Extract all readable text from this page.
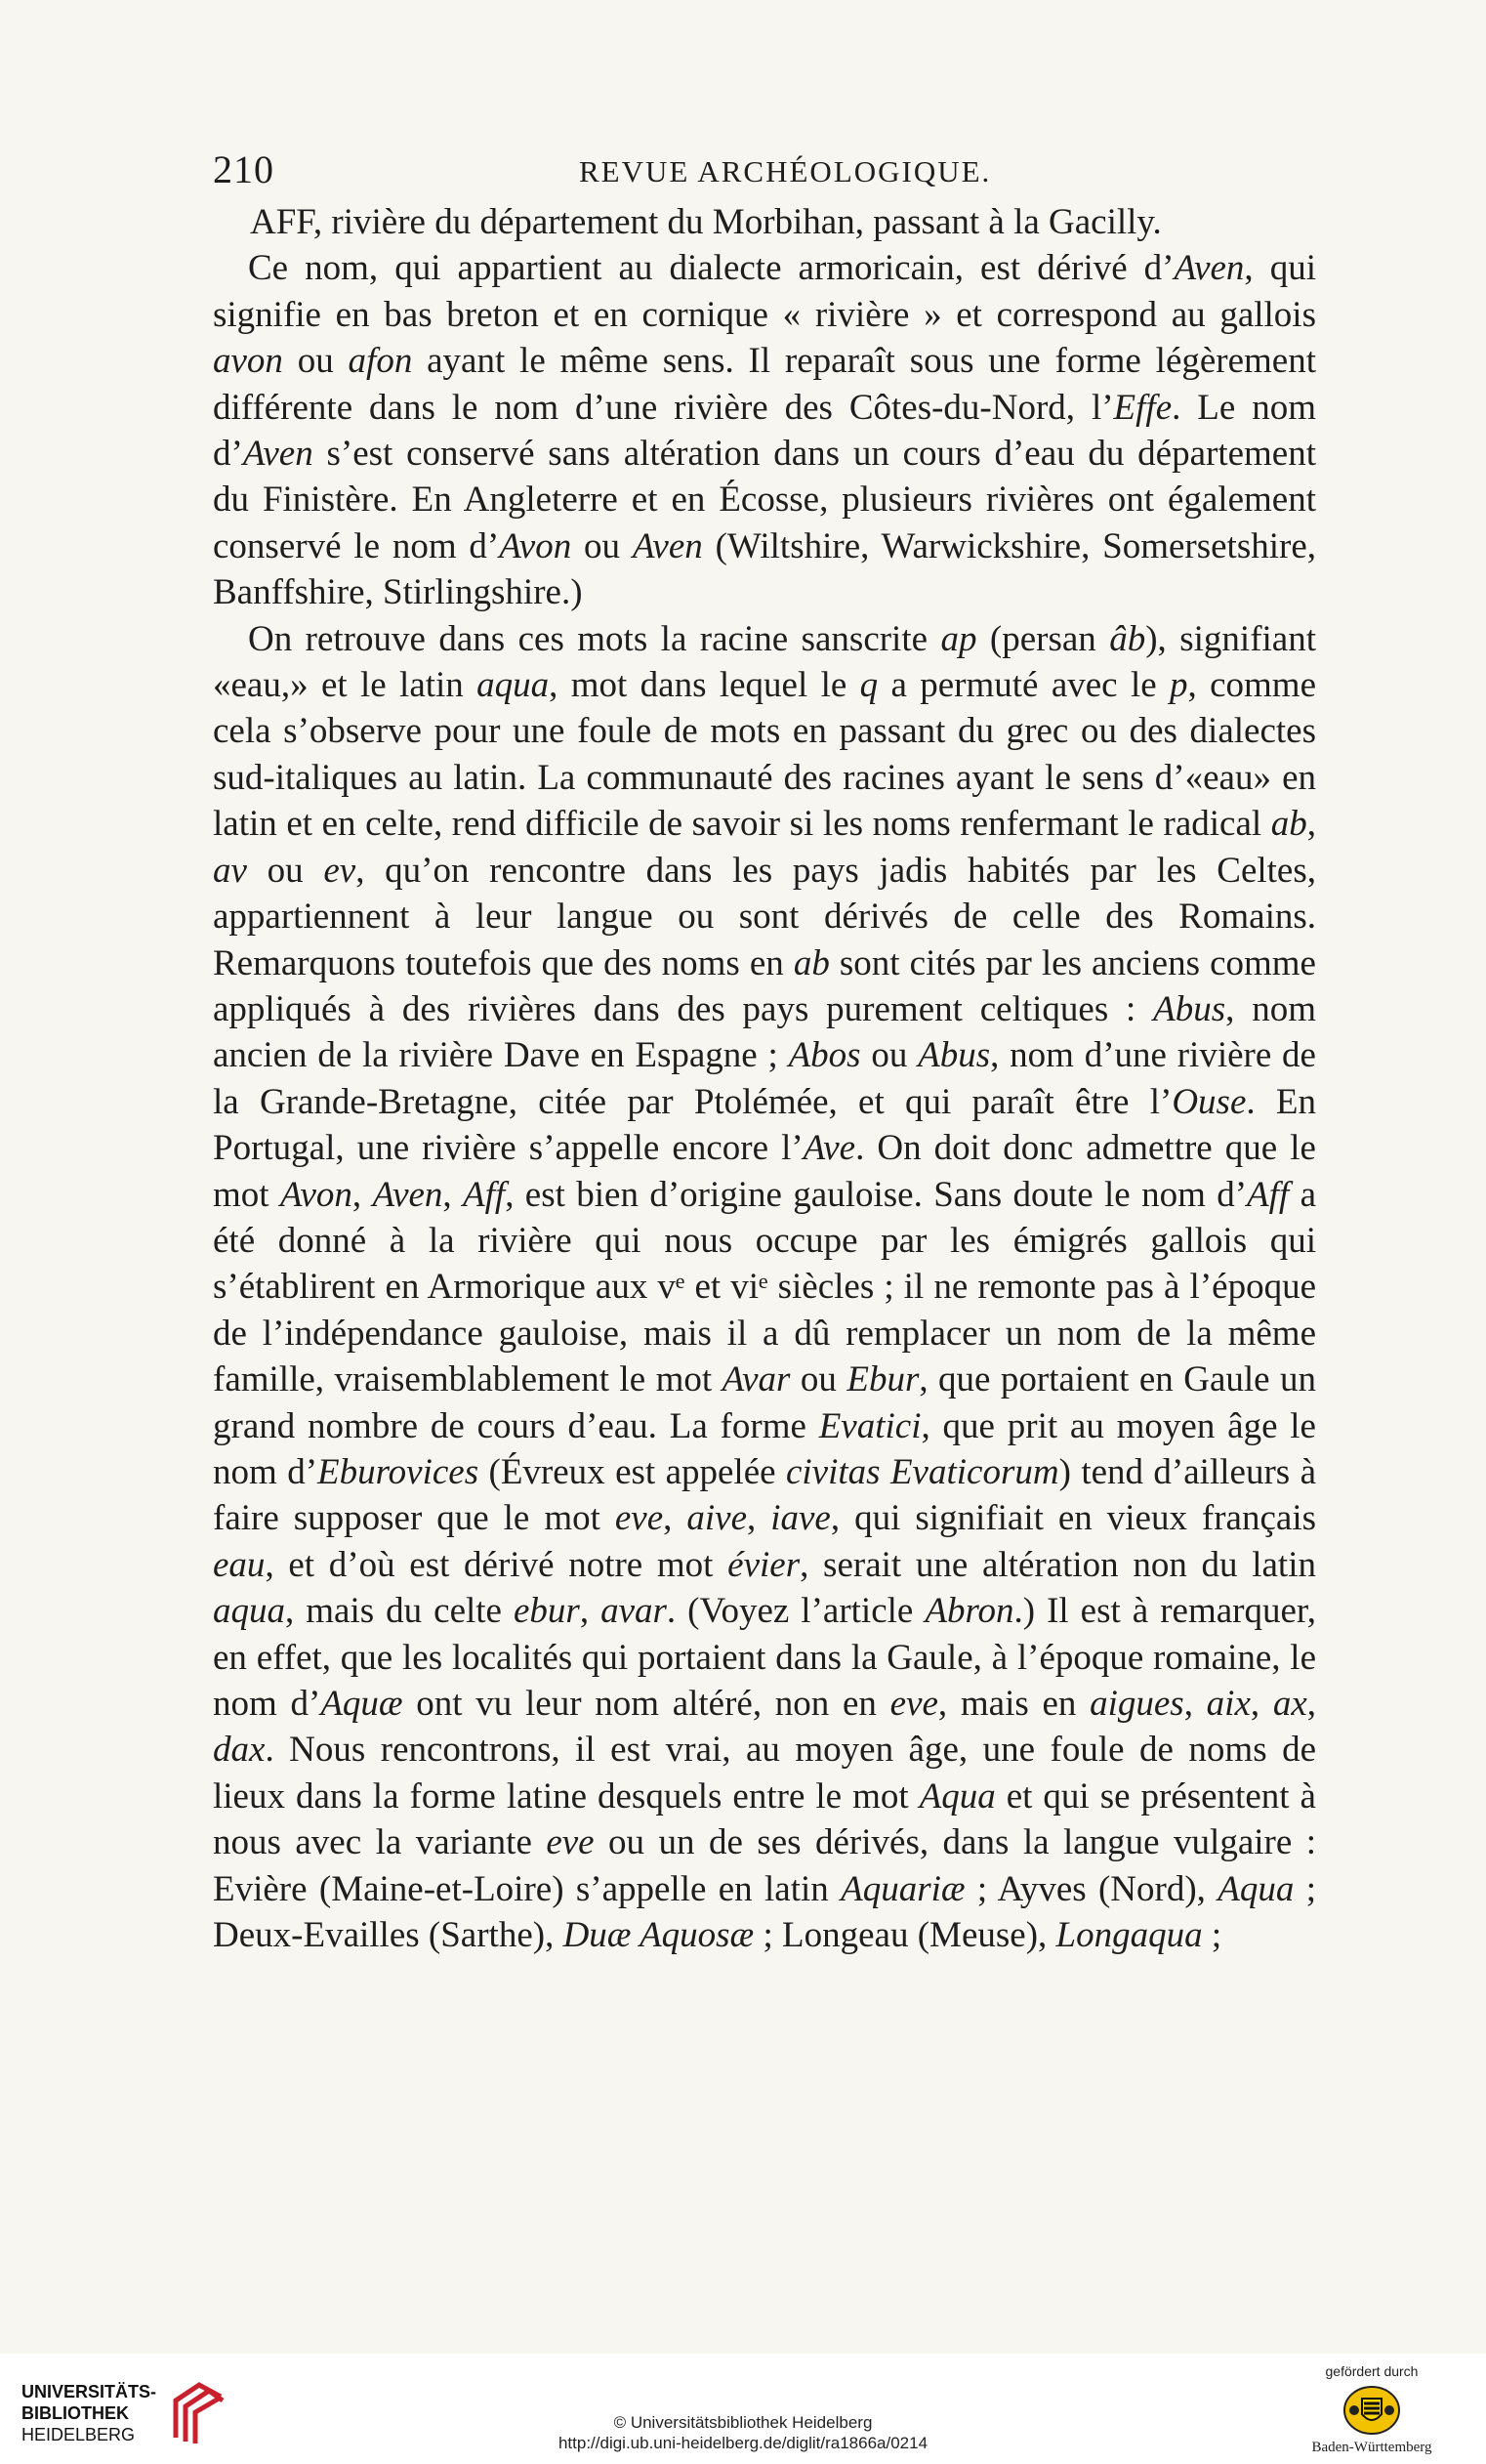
210	REVUE ARCHÉOLOGIQUE.

AFF, rivière du département du Morbihan, passant à la Gacilly.

Ce nom, qui appartient au dialecte armoricain, est dérivé d’Aven, qui signifie en bas breton et en cornique « rivière » et correspond au gallois avon ou afon ayant le même sens. Il reparaît sous une forme légèrement différente dans le nom d’une rivière des Côtes-du-Nord, l’Effe. Le nom d’Aven s’est conservé sans altération dans un cours d’eau du département du Finistère. En Angleterre et en Écosse, plusieurs rivières ont également conservé le nom d’Avon ou Aven (Wiltshire, Warwickshire, Somersetshire, Banffshire, Stirlingshire.)

On retrouve dans ces mots la racine sanscrite ap (persan âb), signifiant «eau,» et le latin aqua, mot dans lequel le q a permuté avec le p, comme cela s’observe pour une foule de mots en passant du grec ou des dialectes sud-italiques au latin. La communauté des racines ayant le sens d’«eau» en latin et en celte, rend difficile de savoir si les noms renfermant le radical ab, av ou ev, qu’on rencontre dans les pays jadis habités par les Celtes, appartiennent à leur langue ou sont dérivés de celle des Romains. Remarquons toutefois que des noms en ab sont cités par les anciens comme appliqués à des rivières dans des pays purement celtiques : Abus, nom ancien de la rivière Dave en Espagne ; Abos ou Abus, nom d’une rivière de la Grande-Bretagne, citée par Ptolémée, et qui paraît être l’Ouse. En Portugal, une rivière s’appelle encore l’Ave. On doit donc admettre que le mot Avon, Aven, Aff, est bien d’origine gauloise. Sans doute le nom d’Aff a été donné à la rivière qui nous occupe par les émigrés gallois qui s’établirent en Armorique aux vᵉ et viᵉ siècles ; il ne remonte pas à l’époque de l’indépendance gauloise, mais il a dû remplacer un nom de la même famille, vraisemblablement le mot Avar ou Ebur, que portaient en Gaule un grand nombre de cours d’eau. La forme Evatici, que prit au moyen âge le nom d’Eburovices (Évreux est appelée civitas Evaticorum) tend d’ailleurs à faire supposer que le mot eve, aive, iave, qui signifiait en vieux français eau, et d’où est dérivé notre mot évier, serait une altération non du latin aqua, mais du celte ebur, avar. (Voyez l’article Abron.) Il est à remarquer, en effet, que les localités qui portaient dans la Gaule, à l’époque romaine, le nom d’Aquæ ont vu leur nom altéré, non en eve, mais en aigues, aix, ax, dax. Nous rencontrons, il est vrai, au moyen âge, une foule de noms de lieux dans la forme latine desquels entre le mot Aqua et qui se présentent à nous avec la variante eve ou un de ses dérivés, dans la langue vulgaire : Evière (Maine-et-Loire) s’appelle en latin Aquariæ ; Ayves (Nord), Aqua ; Deux-Evailles (Sarthe), Duæ Aquosæ ; Longeau (Meuse), Longaqua ;

UNIVERSITÄTS-
BIBLIOTHEK
HEIDELBERG
© Universitätsbibliothek Heidelberg
http://digi.ub.uni-heidelberg.de/diglit/ra1866a/0214
gefördert durch
Baden-Württemberg
